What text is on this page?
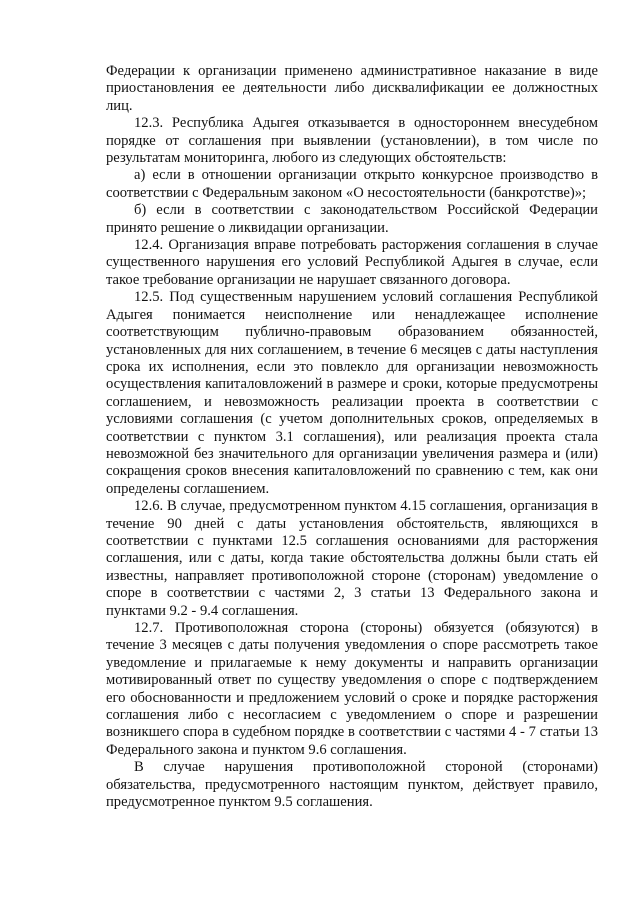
Федерации к организации применено административное наказание в виде приостановления ее деятельности либо дисквалификации ее должностных лиц.

12.3. Республика Адыгея отказывается в одностороннем внесудебном порядке от соглашения при выявлении (установлении), в том числе по результатам мониторинга, любого из следующих обстоятельств:

а) если в отношении организации открыто конкурсное производство в соответствии с Федеральным законом «О несостоятельности (банкротстве)»;

б) если в соответствии с законодательством Российской Федерации принято решение о ликвидации организации.

12.4. Организация вправе потребовать расторжения соглашения в случае существенного нарушения его условий Республикой Адыгея в случае, если такое требование организации не нарушает связанного договора.

12.5. Под существенным нарушением условий соглашения Республикой Адыгея понимается неисполнение или ненадлежащее исполнение соответствующим публично-правовым образованием обязанностей, установленных для них соглашением, в течение 6 месяцев с даты наступления срока их исполнения, если это повлекло для организации невозможность осуществления капиталовложений в размере и сроки, которые предусмотрены соглашением, и невозможность реализации проекта в соответствии с условиями соглашения (с учетом дополнительных сроков, определяемых в соответствии с пунктом 3.1 соглашения), или реализация проекта стала невозможной без значительного для организации увеличения размера и (или) сокращения сроков внесения капиталовложений по сравнению с тем, как они определены соглашением.

12.6. В случае, предусмотренном пунктом 4.15 соглашения, организация в течение 90 дней с даты установления обстоятельств, являющихся в соответствии с пунктами 12.5 соглашения основаниями для расторжения соглашения, или с даты, когда такие обстоятельства должны были стать ей известны, направляет противоположной стороне (сторонам) уведомление о споре в соответствии с частями 2, 3 статьи 13 Федерального закона и пунктами 9.2 - 9.4 соглашения.

12.7. Противоположная сторона (стороны) обязуется (обязуются) в течение 3 месяцев с даты получения уведомления о споре рассмотреть такое уведомление и прилагаемые к нему документы и направить организации мотивированный ответ по существу уведомления о споре с подтверждением его обоснованности и предложением условий о сроке и порядке расторжения соглашения либо с несогласием с уведомлением о споре и разрешении возникшего спора в судебном порядке в соответствии с частями 4 - 7 статьи 13 Федерального закона и пунктом 9.6 соглашения.

В случае нарушения противоположной стороной (сторонами) обязательства, предусмотренного настоящим пунктом, действует правило, предусмотренное пунктом 9.5 соглашения.
